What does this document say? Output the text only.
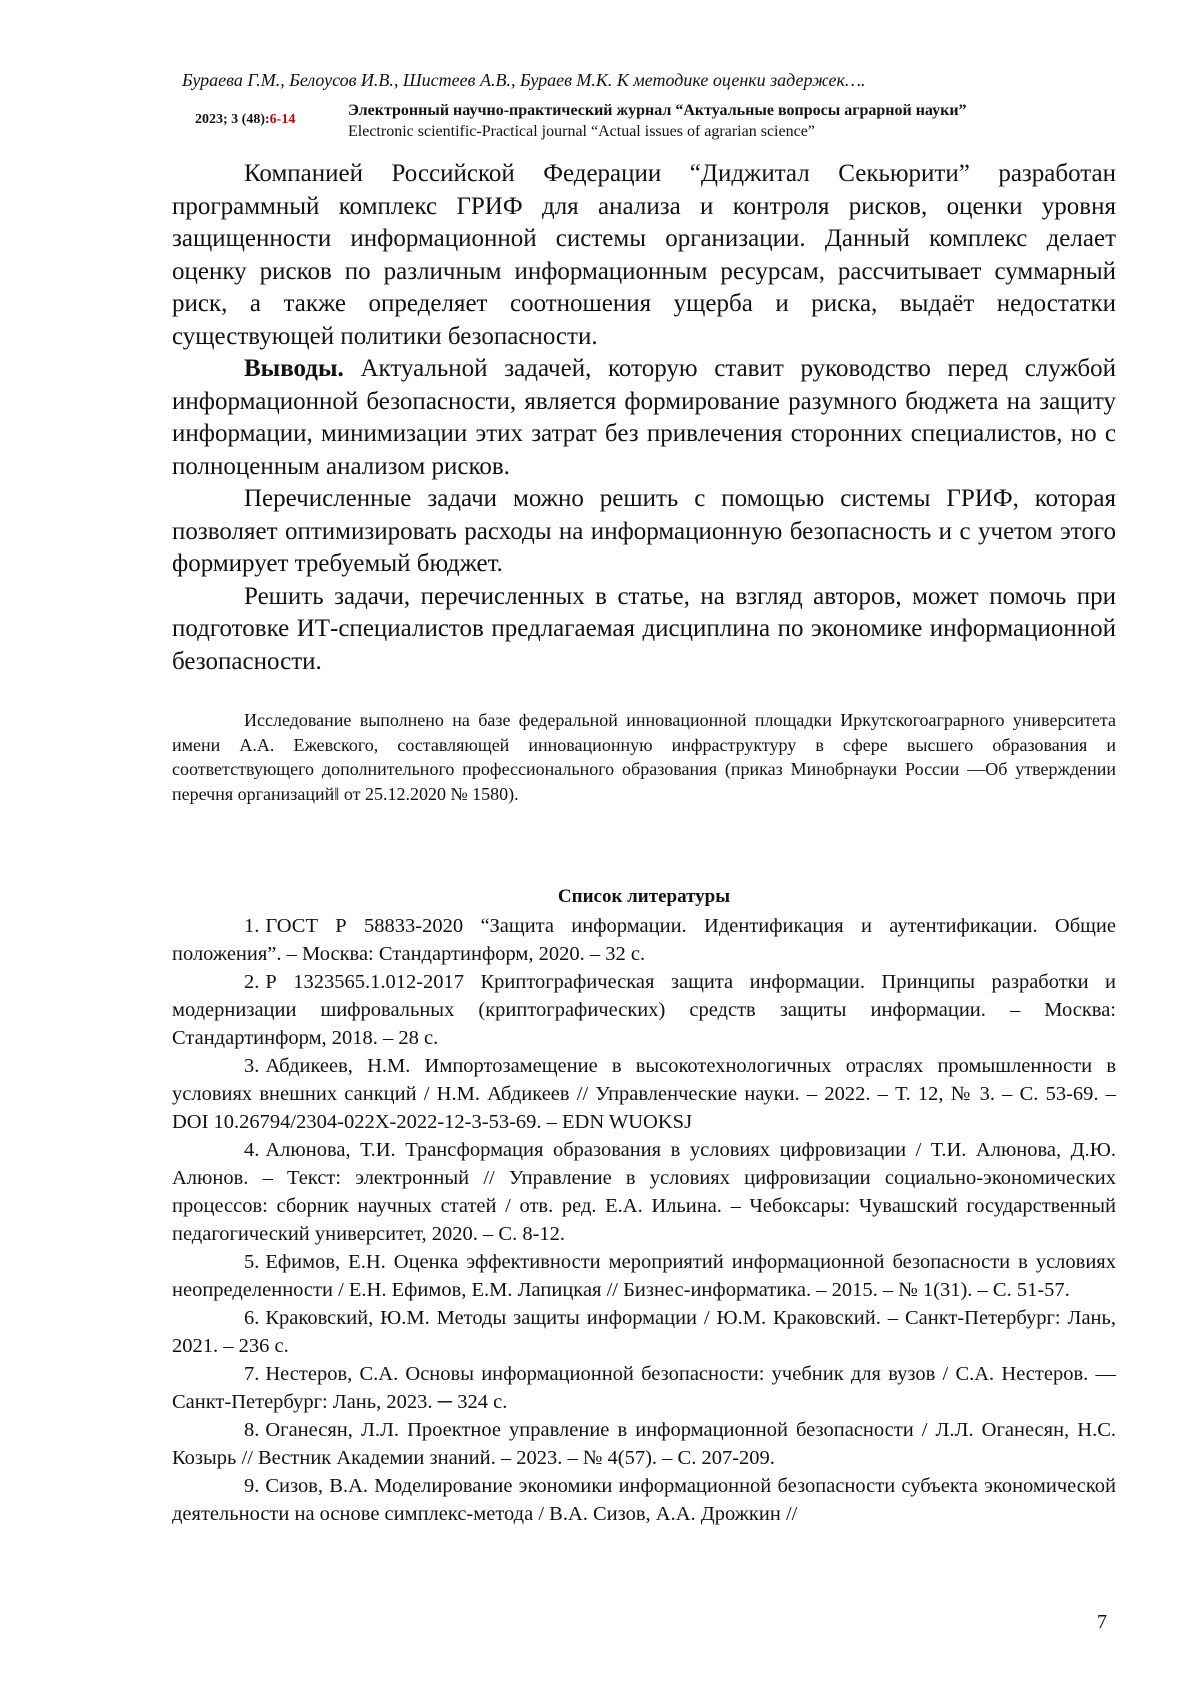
Бураева Г.М., Белоусов И.В., Шистеев А.В., Бураев М.К. К методике оценки задержек….
2023; 3 (48):6-14
Электронный научно-практический журнал “Актуальные вопросы аграрной науки”
Electronic scientific-Practical journal “Actual issues of agrarian science”

Компанией Российской Федерации “Диджитал Секьюрити” разработан программный комплекс ГРИФ для анализа и контроля рисков, оценки уровня защищенности информационной системы организации. Данный комплекс делает оценку рисков по различным информационным ресурсам, рассчитывает суммарный риск, а также определяет соотношения ущерба и риска, выдаёт недостатки существующей политики безопасности.

Выводы. Актуальной задачей, которую ставит руководство перед службой информационной безопасности, является формирование разумного бюджета на защиту информации, минимизации этих затрат без привлечения сторонних специалистов, но с полноценным анализом рисков.

Перечисленные задачи можно решить с помощью системы ГРИФ, которая позволяет оптимизировать расходы на информационную безопасность и с учетом этого формирует требуемый бюджет.

Решить задачи, перечисленных в статье, на взгляд авторов, может помочь при подготовке ИТ-специалистов предлагаемая дисциплина по экономике информационной безопасности.

Исследование выполнено на базе федеральной инновационной площадки Иркутскогоаграрного университета имени А.А. Ежевского, составляющей инновационную инфраструктуру в сфере высшего образования и соответствующего дополнительного профессионального образования (приказ Минобрнауки России ―Об утверждении перечня организаций‖ от 25.12.2020 № 1580).

Список литературы

1. ГОСТ Р 58833-2020 “Защита информации. Идентификация и аутентификации. Общие положения”. – Москва: Стандартинформ, 2020. – 32 с.

2. Р 1323565.1.012-2017 Криптографическая защита информации. Принципы разработки и модернизации шифровальных (криптографических) средств защиты информации. – Москва: Стандартинформ, 2018. – 28 с.

3. Абдикеев, Н.М. Импортозамещение в высокотехнологичных отраслях промышленности в условиях внешних санкций / Н.М. Абдикеев // Управленческие науки. – 2022. – Т. 12, № 3. – С. 53-69. – DOI 10.26794/2304-022X-2022-12-3-53-69. – EDN WUOKSJ

4. Алюнова, Т.И. Трансформация образования в условиях цифровизации / Т.И. Алюнова, Д.Ю. Алюнов. – Текст: электронный // Управление в условиях цифровизации социально-экономических процессов: сборник научных статей / отв. ред. Е.А. Ильина. – Чебоксары: Чувашский государственный педагогический университет, 2020. – С. 8-12.

5. Ефимов, Е.Н. Оценка эффективности мероприятий информационной безопасности в условиях неопределенности / Е.Н. Ефимов, Е.М. Лапицкая // Бизнес-информатика. – 2015. – № 1(31). – С. 51-57.

6. Краковский, Ю.М. Методы защиты информации / Ю.М. Краковский. – Санкт-Петербург: Лань, 2021. – 236 с.

7. Нестеров, С.А. Основы информационной безопасности: учебник для вузов / С.А. Нестеров. — Санкт-Петербург: Лань, 2023. ─ 324 с.

8. Оганесян, Л.Л. Проектное управление в информационной безопасности / Л.Л. Оганесян, Н.С. Козырь // Вестник Академии знаний. – 2023. – № 4(57). – С. 207-209.

9. Сизов, В.А. Моделирование экономики информационной безопасности субъекта экономической деятельности на основе симплекс-метода / В.А. Сизов, А.А. Дрожкин //

7
